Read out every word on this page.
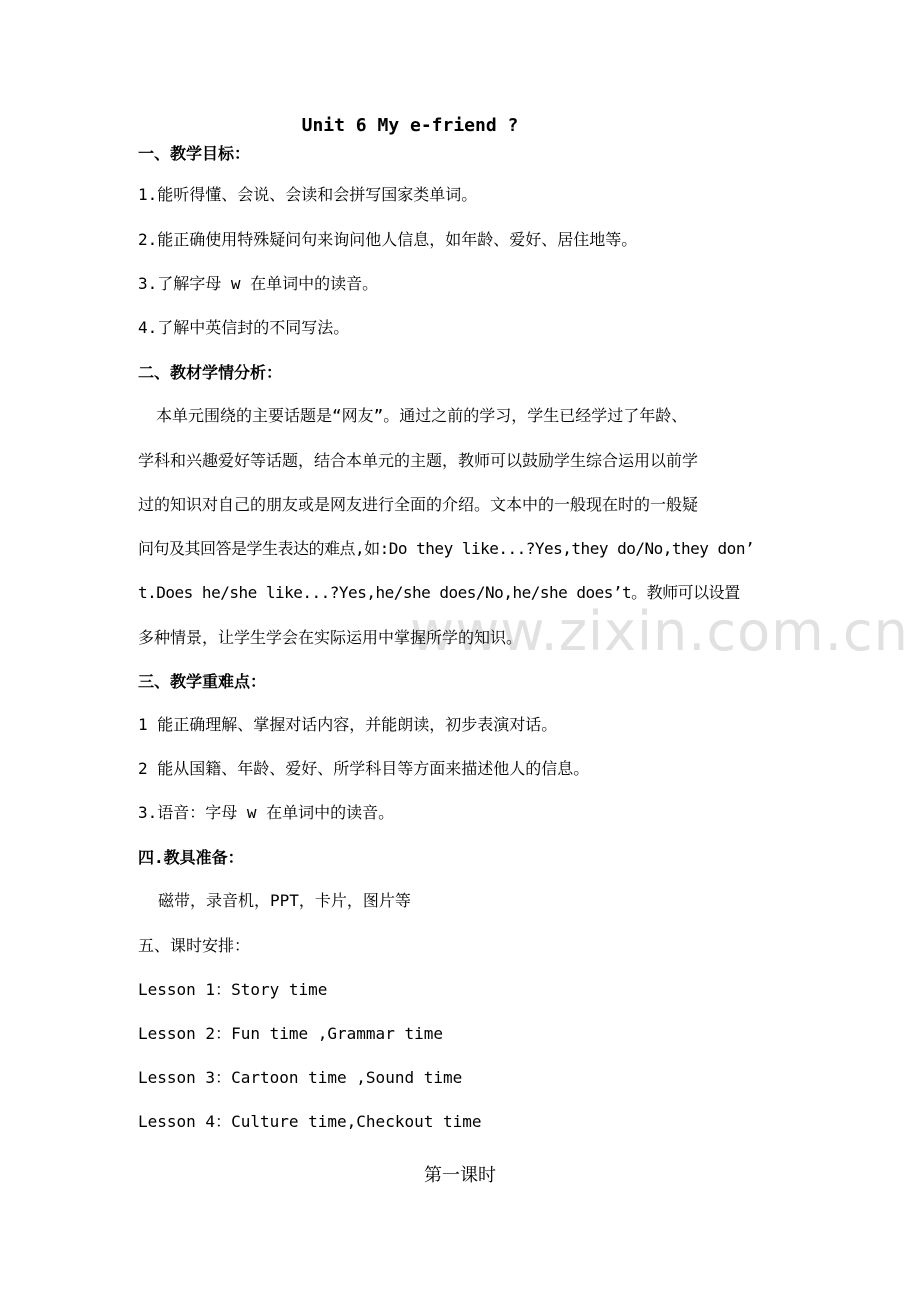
www.zixin.com.cn
Unit 6 My e-friend ?
一、教学目标：
1.能听得懂、会说、会读和会拼写国家类单词。
2.能正确使用特殊疑问句来询问他人信息，如年龄、爱好、居住地等。
3.了解字母 w 在单词中的读音。
4.了解中英信封的不同写法。
二、教材学情分析：
本单元围绕的主要话题是“网友”。通过之前的学习，学生已经学过了年龄、
学科和兴趣爱好等话题，结合本单元的主题，教师可以鼓励学生综合运用以前学
过的知识对自己的朋友或是网友进行全面的介绍。文本中的一般现在时的一般疑
问句及其回答是学生表达的难点,如:Do they like...?Yes,they do/No,they don’
t.Does he/she like...?Yes,he/she does/No,he/she does’t。教师可以设置
多种情景，让学生学会在实际运用中掌握所学的知识。
三、教学重难点：
1 能正确理解、掌握对话内容，并能朗读，初步表演对话。
2 能从国籍、年龄、爱好、所学科目等方面来描述他人的信息。
3.语音：字母 w 在单词中的读音。
四.教具准备：
磁带，录音机，PPT，卡片，图片等
五、课时安排：
Lesson 1：Story time
Lesson 2：Fun time ,Grammar time
Lesson 3：Cartoon time ,Sound time
Lesson 4：Culture time,Checkout time
第一课时
